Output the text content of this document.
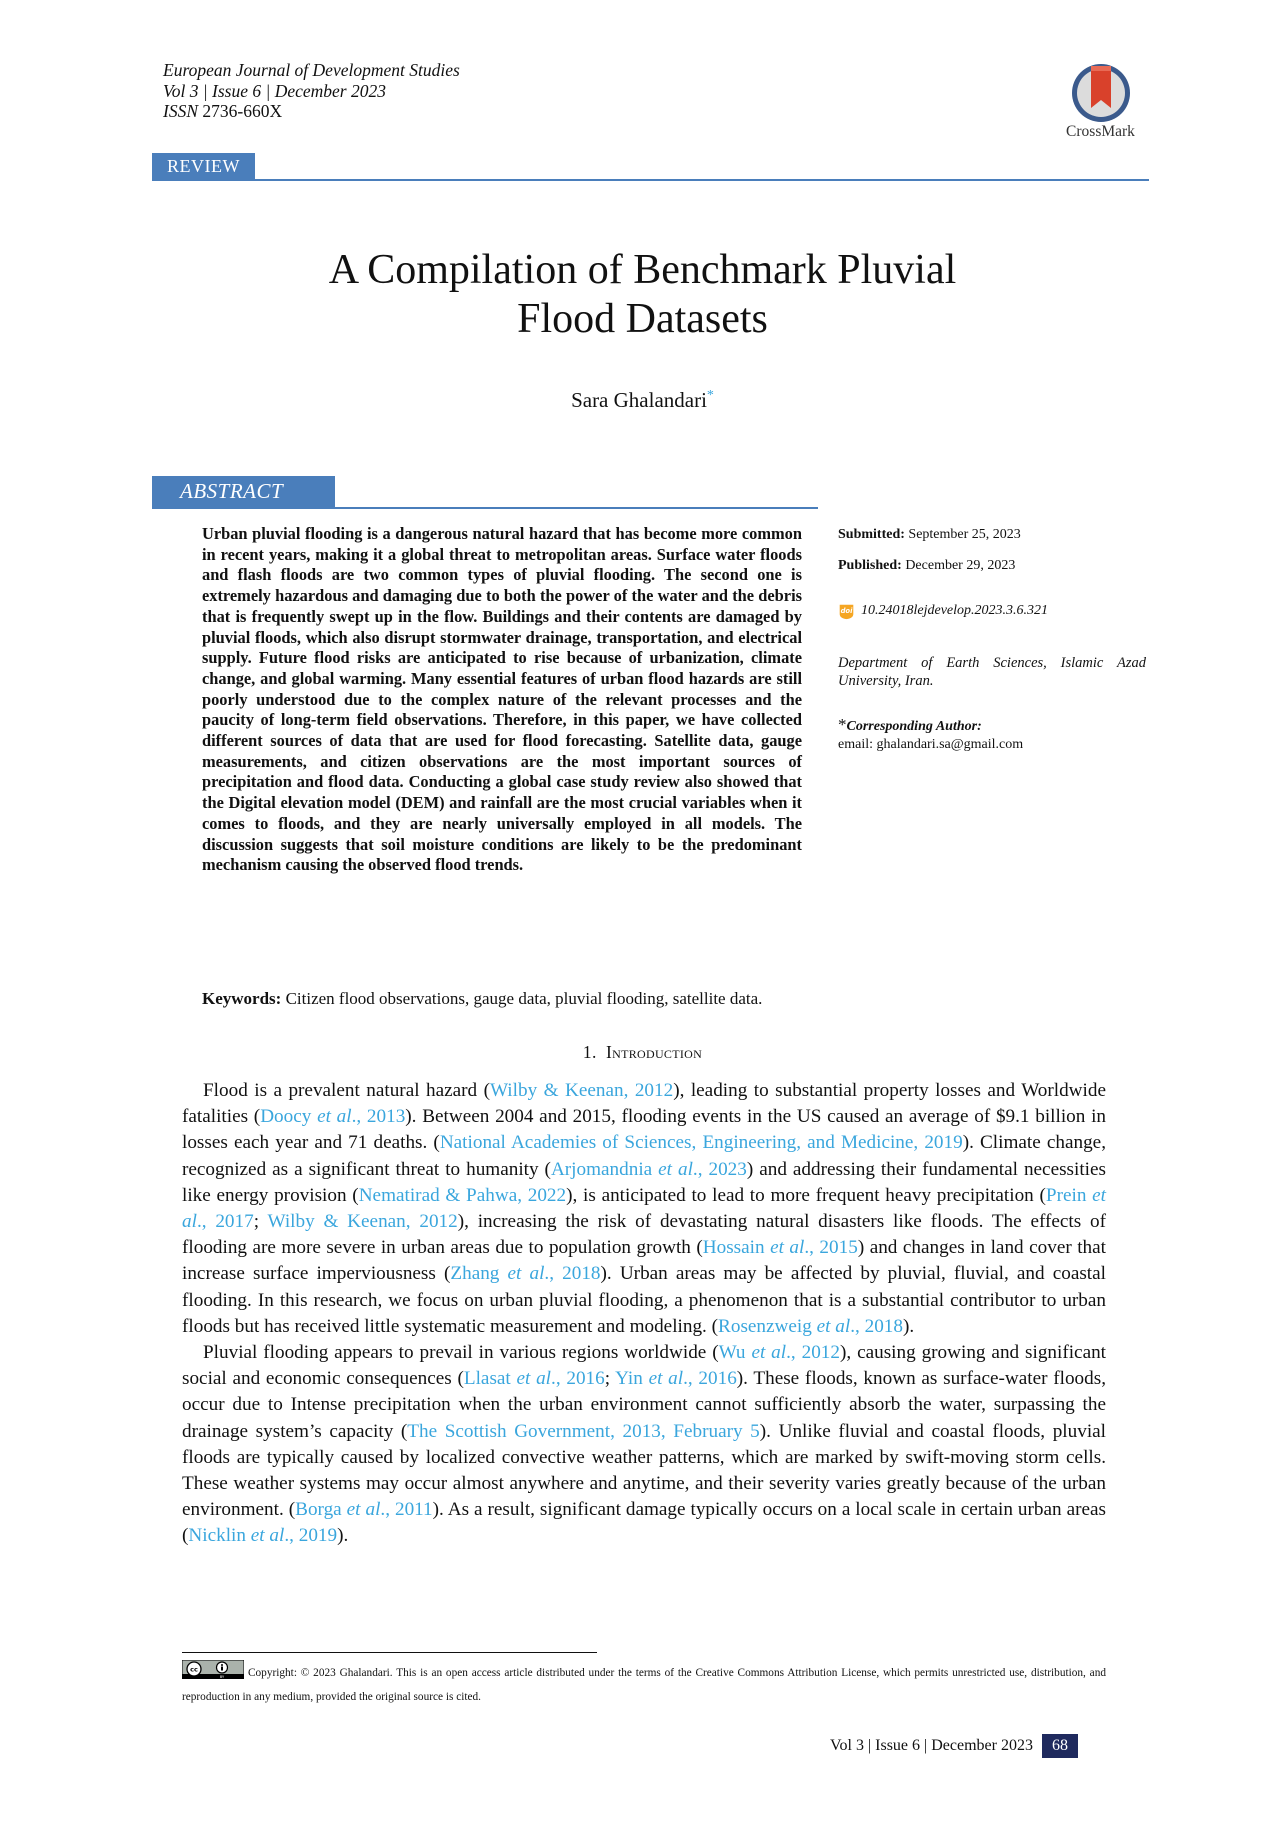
European Journal of Development Studies
Vol 3 | Issue 6 | December 2023
ISSN 2736-660X
CrossMark
REVIEW
A Compilation of Benchmark Pluvial
Flood Datasets
Sara Ghalandari*
ABSTRACT
Urban pluvial flooding is a dangerous natural hazard that has become more common in recent years, making it a global threat to metropolitan areas. Surface water floods and flash floods are two common types of pluvial flooding. The second one is extremely hazardous and damaging due to both the power of the water and the debris that is frequently swept up in the flow. Buildings and their contents are damaged by pluvial floods, which also disrupt stormwater drainage, transportation, and electrical supply. Future flood risks are anticipated to rise because of urbanization, climate change, and global warming. Many essential features of urban flood hazards are still poorly understood due to the complex nature of the relevant processes and the paucity of long-term field observations. Therefore, in this paper, we have collected different sources of data that are used for flood forecasting. Satellite data, gauge measurements, and citizen observations are the most important sources of precipitation and flood data. Conducting a global case study review also showed that the Digital elevation model (DEM) and rainfall are the most crucial variables when it comes to floods, and they are nearly universally employed in all models. The discussion suggests that soil moisture conditions are likely to be the predominant mechanism causing the observed flood trends.
Keywords: Citizen flood observations, gauge data, pluvial flooding, satellite data.
Submitted: September 25, 2023
Published: December 29, 2023
doi 10.24018lejdevelop.2023.3.6.321
Department of Earth Sciences, Islamic Azad University, Iran.
*Corresponding Author:
email: ghalandari.sa@gmail.com
1. Introduction

Flood is a prevalent natural hazard (Wilby & Keenan, 2012), leading to substantial property losses and Worldwide fatalities (Doocy et al., 2013). Between 2004 and 2015, flooding events in the US caused an average of $9.1 billion in losses each year and 71 deaths. (National Academies of Sciences, Engineering, and Medicine, 2019). Climate change, recognized as a significant threat to humanity (Arjomandnia et al., 2023) and addressing their fundamental necessities like energy provision (Nematirad & Pahwa, 2022), is anticipated to lead to more frequent heavy precipitation (Prein et al., 2017; Wilby & Keenan, 2012), increasing the risk of devastating natural disasters like floods. The effects of flooding are more severe in urban areas due to population growth (Hossain et al., 2015) and changes in land cover that increase surface imperviousness (Zhang et al., 2018). Urban areas may be affected by pluvial, fluvial, and coastal flooding. In this research, we focus on urban pluvial flooding, a phenomenon that is a substantial contributor to urban floods but has received little systematic measurement and modeling. (Rosenzweig et al., 2018).

Pluvial flooding appears to prevail in various regions worldwide (Wu et al., 2012), causing growing and significant social and economic consequences (Llasat et al., 2016; Yin et al., 2016). These floods, known as surface-water floods, occur due to Intense precipitation when the urban environment cannot sufficiently absorb the water, surpassing the drainage system’s capacity (The Scottish Government, 2013, February 5). Unlike fluvial and coastal floods, pluvial floods are typically caused by localized convective weather patterns, which are marked by swift-moving storm cells. These weather systems may occur almost anywhere and anytime, and their severity varies greatly because of the urban environment. (Borga et al., 2011). As a result, significant damage typically occurs on a local scale in certain urban areas (Nicklin et al., 2019).

cc
BY Copyright: © 2023 Ghalandari. This is an open access article distributed under the terms of the Creative Commons Attribution License, which permits unrestricted use, distribution, and reproduction in any medium, provided the original source is cited.
Vol 3 | Issue 6 | December 2023	68
